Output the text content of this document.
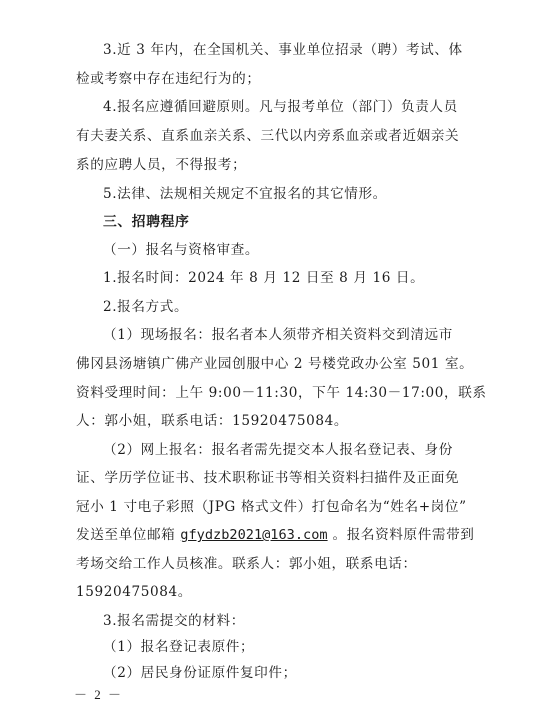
3.近 3 年内，在全国机关、事业单位招录（聘）考试、体
检或考察中存在违纪行为的；
4.报名应遵循回避原则。凡与报考单位（部门）负责人员
有夫妻关系、直系血亲关系、三代以内旁系血亲或者近姻亲关
系的应聘人员，不得报考；
5.法律、法规相关规定不宜报名的其它情形。
三、招聘程序
（一）报名与资格审查。
1.报名时间：2024 年 8 月 12 日至 8 月 16 日。
2.报名方式。
（1）现场报名：报名者本人须带齐相关资料交到清远市
佛冈县汤塘镇广佛产业园创服中心 2 号楼党政办公室 501 室。
资料受理时间：上午 9:00－11:30，下午 14:30－17:00，联系
人：郭小姐，联系电话：15920475084。
（2）网上报名：报名者需先提交本人报名登记表、身份
证、学历学位证书、技术职称证书等相关资料扫描件及正面免
冠小 1 寸电子彩照（JPG 格式文件）打包命名为“姓名+岗位”
发送至单位邮箱 gfydzb2021@163.com 。报名资料原件需带到
考场交给工作人员核准。联系人：郭小姐，联系电话：
15920475084。
3.报名需提交的材料：
（1）报名登记表原件；
－ 2 －
（2）居民身份证原件复印件；
